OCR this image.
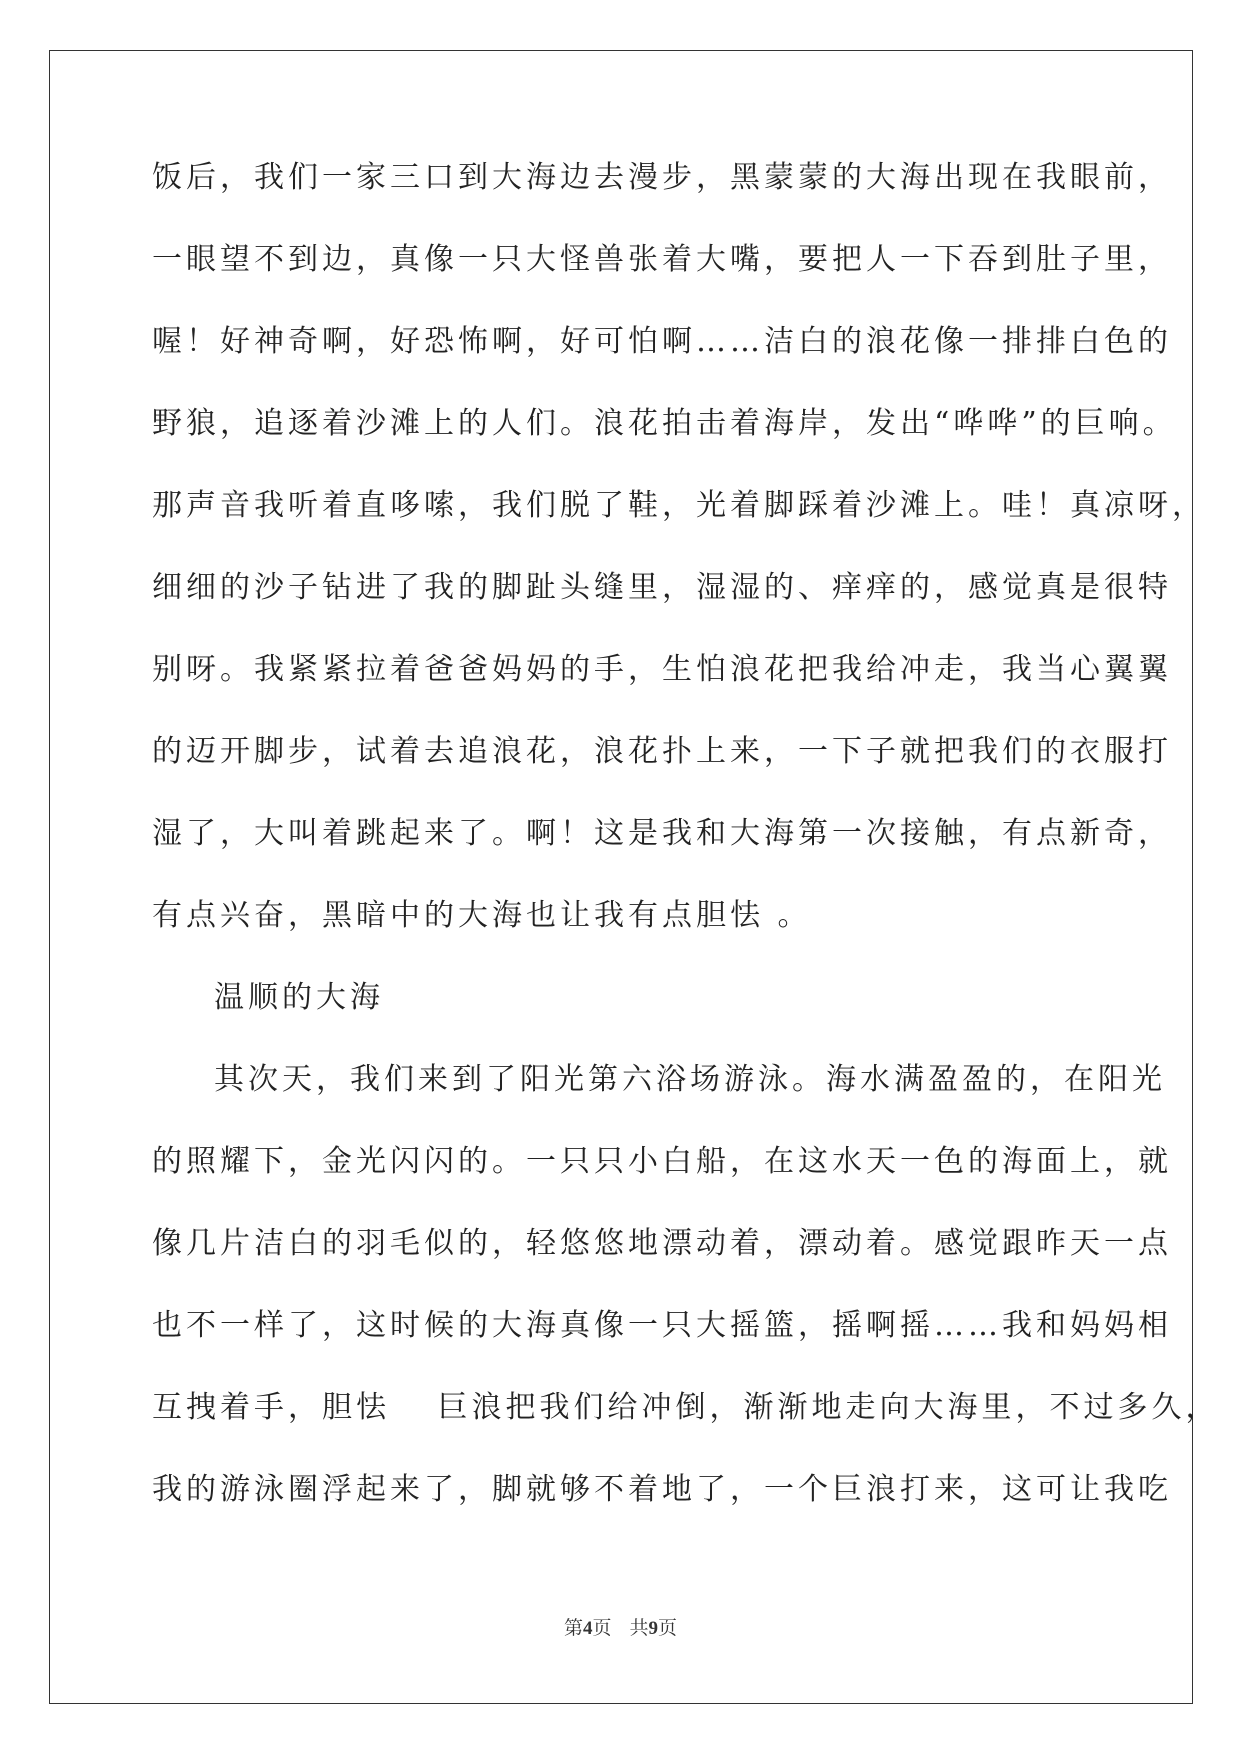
饭后，我们一家三口到大海边去漫步，黑蒙蒙的大海出现在我眼前，
一眼望不到边，真像一只大怪兽张着大嘴，要把人一下吞到肚子里，
喔！好神奇啊，好恐怖啊，好可怕啊……洁白的浪花像一排排白色的
野狼，追逐着沙滩上的人们。浪花拍击着海岸，发出“哗哗”的巨响。
那声音我听着直哆嗦，我们脱了鞋，光着脚踩着沙滩上。哇！真凉呀，
细细的沙子钻进了我的脚趾头缝里，湿湿的、痒痒的，感觉真是很特
别呀。我紧紧拉着爸爸妈妈的手，生怕浪花把我给冲走，我当心翼翼
的迈开脚步，试着去追浪花，浪花扑上来，一下子就把我们的衣服打
湿了，大叫着跳起来了。啊！这是我和大海第一次接触，有点新奇，
有点兴奋，黑暗中的大海也让我有点胆怯 。
温顺的大海
其次天，我们来到了阳光第六浴场游泳。海水满盈盈的，在阳光
的照耀下，金光闪闪的。一只只小白船，在这水天一色的海面上，就
像几片洁白的羽毛似的，轻悠悠地漂动着，漂动着。感觉跟昨天一点
也不一样了，这时候的大海真像一只大摇篮，摇啊摇……我和妈妈相
互拽着手，胆怯　 巨浪把我们给冲倒，渐渐地走向大海里，不过多久，
我的游泳圈浮起来了，脚就够不着地了，一个巨浪打来，这可让我吃
第4页 共9页
